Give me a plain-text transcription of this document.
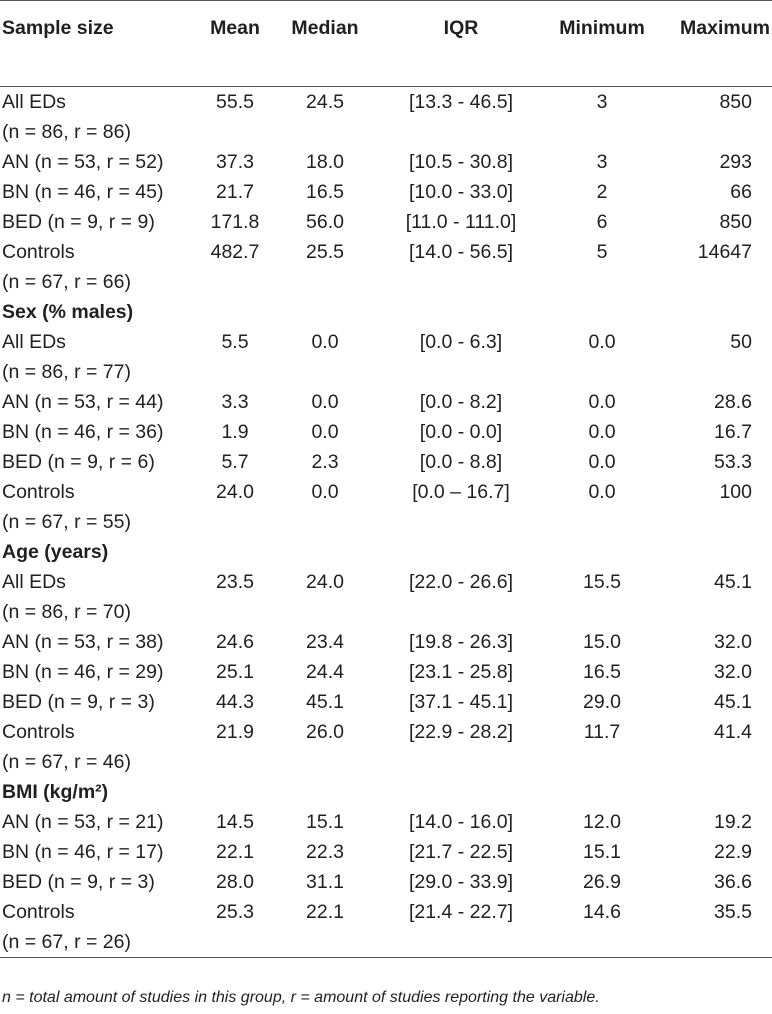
Sample size	Mean	Median	IQR	Minimum	Maximum
All EDs	55.5	24.5	[13.3 - 46.5]	3	850
(n = 86, r = 86)					
AN (n = 53, r = 52)	37.3	18.0	[10.5 - 30.8]	3	293
BN (n = 46, r = 45)	21.7	16.5	[10.0 - 33.0]	2	66
BED (n = 9, r = 9)	171.8	56.0	[11.0 - 111.0]	6	850
Controls	482.7	25.5	[14.0 - 56.5]	5	14647
(n = 67, r = 66)					
Sex (% males)					
All EDs	5.5	0.0	[0.0 - 6.3]	0.0	50
(n = 86, r = 77)					
AN (n = 53, r = 44)	3.3	0.0	[0.0 - 8.2]	0.0	28.6
BN (n = 46, r = 36)	1.9	0.0	[0.0 - 0.0]	0.0	16.7
BED (n = 9, r = 6)	5.7	2.3	[0.0 - 8.8]	0.0	53.3
Controls	24.0	0.0	[0.0 – 16.7]	0.0	100
(n = 67, r = 55)					
Age (years)					
All EDs	23.5	24.0	[22.0 - 26.6]	15.5	45.1
(n = 86, r = 70)					
AN (n = 53, r = 38)	24.6	23.4	[19.8 - 26.3]	15.0	32.0
BN (n = 46, r = 29)	25.1	24.4	[23.1 - 25.8]	16.5	32.0
BED (n = 9, r = 3)	44.3	45.1	[37.1 - 45.1]	29.0	45.1
Controls	21.9	26.0	[22.9 - 28.2]	11.7	41.4
(n = 67, r = 46)					
BMI (kg/m²)					
AN (n = 53, r = 21)	14.5	15.1	[14.0 - 16.0]	12.0	19.2
BN (n = 46, r = 17)	22.1	22.3	[21.7 - 22.5]	15.1	22.9
BED (n = 9, r = 3)	28.0	31.1	[29.0 - 33.9]	26.9	36.6
Controls	25.3	22.1	[21.4 - 22.7]	14.6	35.5
(n = 67, r = 26)					
n = total amount of studies in this group, r = amount of studies reporting the variable.
